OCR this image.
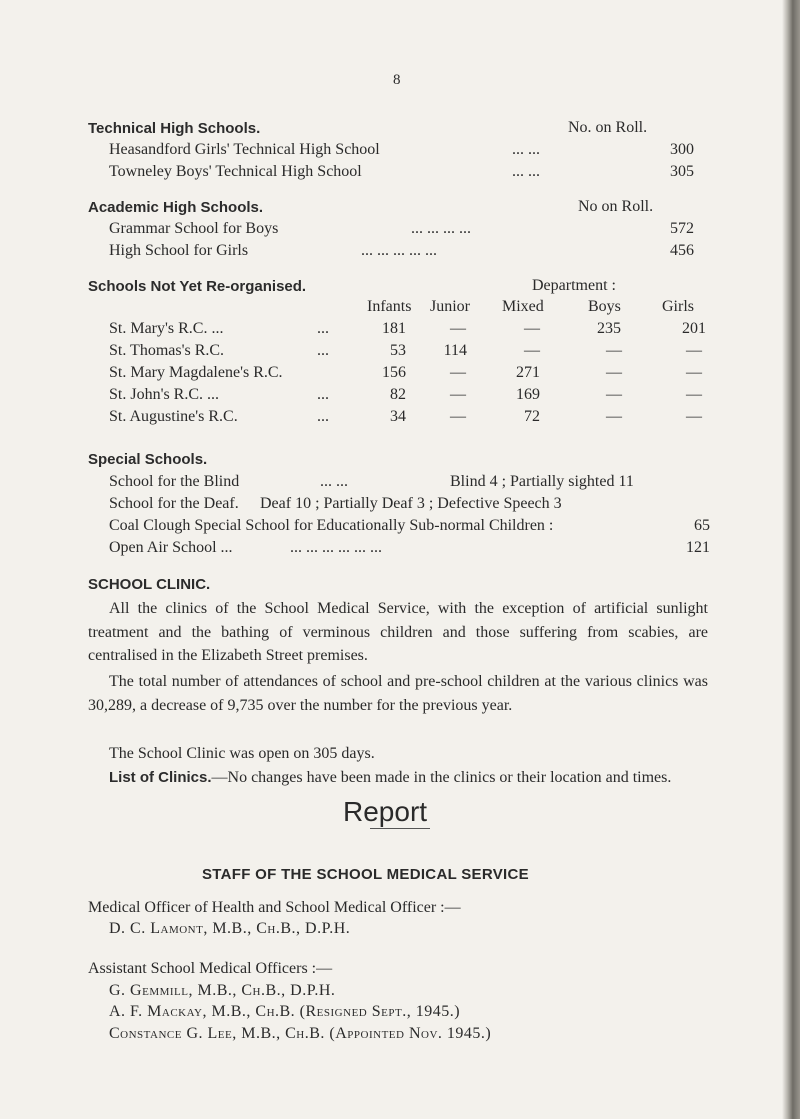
8
Technical High Schools.	No. on Roll.
Heasandford Girls' Technical High School	... ...	300
Towneley Boys' Technical High School	... ...	305
Academic High Schools.	No on Roll.
Grammar School for Boys	... ... ... ...	572
High School for Girls	... ... ... ... ...	456
Schools Not Yet Re-organised.	Department :
Infants Junior Mixed	Boys	Girls
St. Mary's R.C. ...	...	181	—	—	235	201
St. Thomas's R.C.	...	53	114	—	—	—
St. Mary Magdalene's R.C.	156	—	271	—	—
St. John's R.C. ...	...	82	—	169	—	—
St. Augustine's R.C.	...	34	—	72	—	—
Special Schools.
School for the Blind	... ...	Blind 4 ; Partially sighted 11
School for the Deaf. Deaf 10 ; Partially Deaf 3 ; Defective Speech 3
Coal Clough Special School for Educationally Sub-normal Children :	65
Open Air School ...	... ... ... ... ... ...	121
SCHOOL CLINIC.
All the clinics of the School Medical Service, with the exception of artificial sunlight treatment and the bathing of verminous children and those suffering from scabies, are centralised in the Elizabeth Street premises.
The total number of attendances of school and pre-school children at the various clinics was 30,289, a decrease of 9,735 over the number for the previous year.
The School Clinic was open on 305 days.
List of Clinics.—No changes have been made in the clinics or their location and times.
Report
STAFF OF THE SCHOOL MEDICAL SERVICE
Medical Officer of Health and School Medical Officer :—
D. C. Lamont, M.B., Ch.B., D.P.H.
Assistant School Medical Officers :—
G. Gemmill, M.B., Ch.B., D.P.H.
A. F. Mackay, M.B., Ch.B. (Resigned Sept., 1945.)
Constance G. Lee, M.B., Ch.B. (Appointed Nov. 1945.)
